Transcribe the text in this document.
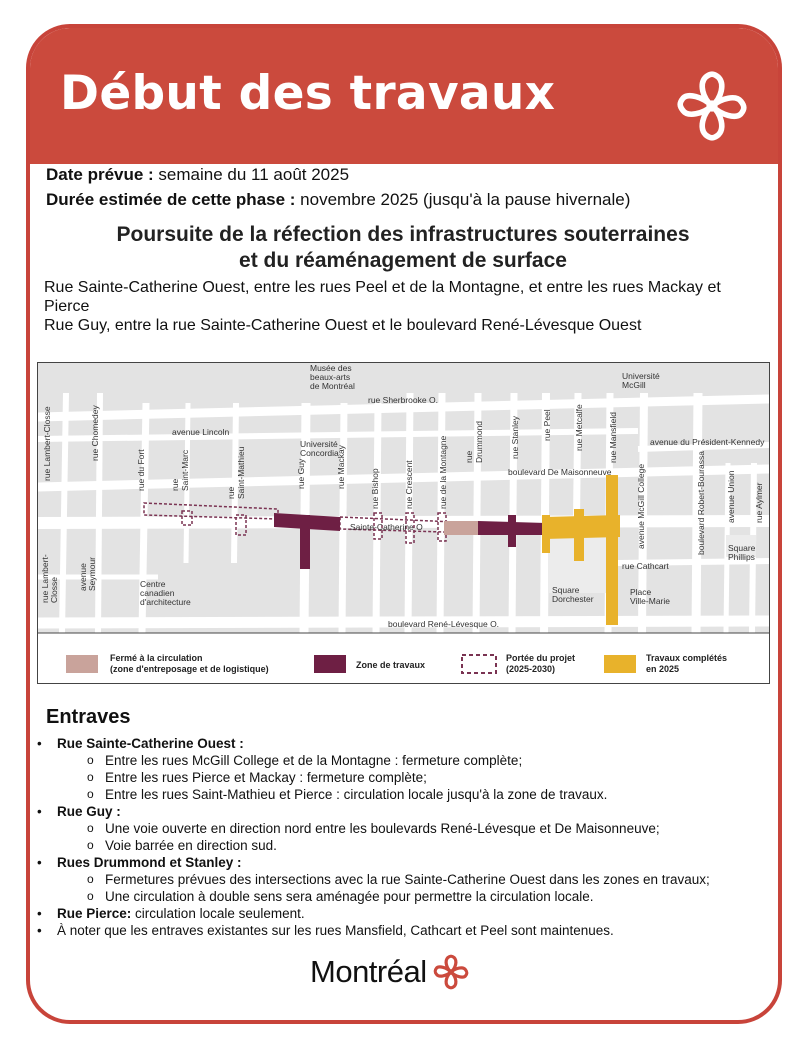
Début des travaux
Date prévue : semaine du 11 août 2025
Durée estimée de cette phase : novembre 2025 (jusqu'à la pause hivernale)
Poursuite de la réfection des infrastructures souterraines
et du réaménagement de surface
Rue Sainte-Catherine Ouest, entre les rues Peel et de la Montagne, et entre les rues Mackay et Pierce
Rue Guy, entre la rue Sainte-Catherine Ouest et le boulevard René-Lévesque Ouest
Musée des
beaux-arts
de Montréal
Université
McGill
rue Sherbrooke O.
avenue Lincoln
avenue du Président-Kennedy
boulevard De Maisonneuve
Sainte-Catherine O
rue Cathcart
boulevard René-Lévesque O.
Université
Concordia
Centre
canadien
d'architecture
Square
Dorchester
Place
Ville-Marie
Square
Phillips
rue Lambert-Closse	rue Chomedey
rue Lambert- Closse avenue Seymour
rue du Fort	rue Saint-Marc
rue Saint-Mathieu	rue Guy	rue Mackay	rue Bishop	rue Crescent	rue de la Montagne rue Drummond	rue Stanley	rue Peel	rue Metcalfe	rue Mansfield
avenue McGill College	boulevard Robert-Bourassa avenue Union rue Aylmer
Fermé à la circulation
(zone d'entreposage et de logistique)	Zone de travaux
Portée du projet
(2025-2030)
Travaux complétés
en 2025
Entraves
• Rue Sainte-Catherine Ouest :
o Entre les rues McGill College et de la Montagne : fermeture complète;
o Entre les rues Pierce et Mackay : fermeture complète;
o Entre les rues Saint-Mathieu et Pierce : circulation locale jusqu'à la zone de travaux.
• Rue Guy :
o Une voie ouverte en direction nord entre les boulevards René-Lévesque et De Maisonneuve;
o Voie barrée en direction sud.
• Rues Drummond et Stanley :
o Fermetures prévues des intersections avec la rue Sainte-Catherine Ouest dans les zones en travaux;
o Une circulation à double sens sera aménagée pour permettre la circulation locale.
• Rue Pierce: circulation locale seulement.
• À noter que les entraves existantes sur les rues Mansfield, Cathcart et Peel sont maintenues.
Montréal
